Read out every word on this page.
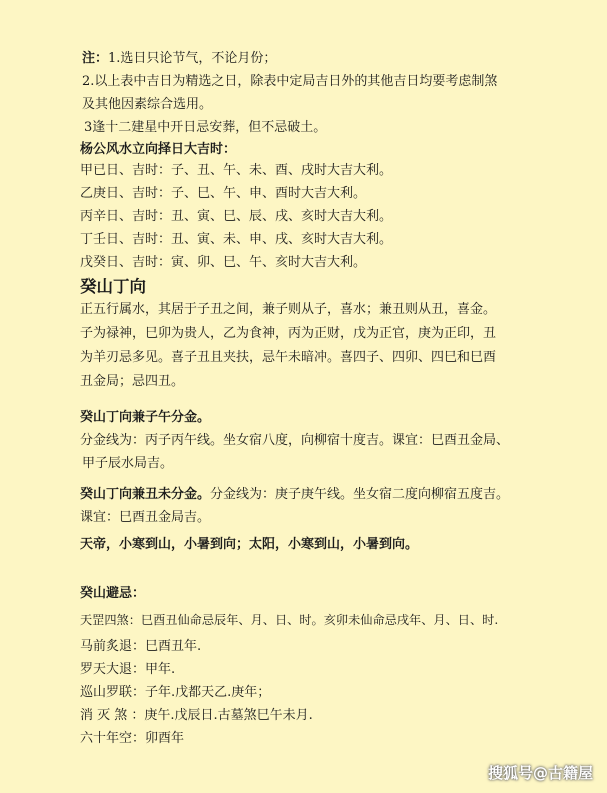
注：1.选日只论节气，不论月份；
2.以上表中吉日为精选之日，除表中定局吉日外的其他吉日均要考虑制煞
及其他因素综合选用。
3逢十二建星中开日忌安葬，但不忌破土。
杨公风水立向择日大吉时：
甲已日、吉时：子、丑、午、未、酉、戌时大吉大利。
乙庚日、吉时：子、巳、午、申、酉时大吉大利。
丙辛日、吉时：丑、寅、巳、辰、戌、亥时大吉大利。
丁壬日、吉时：丑、寅、未、申、戌、亥时大吉大利。
戊癸日、吉时：寅、卯、巳、午、亥时大吉大利。
癸山丁向
正五行属水，其居于子丑之间，兼子则从子，喜水；兼丑则从丑，喜金。
子为禄神，巳卯为贵人，乙为食神，丙为正财，戊为正官，庚为正印，丑
为羊刃忌多见。喜子丑且夹扶，忌午未暗冲。喜四子、四卯、四巳和巳酉
丑金局；忌四丑。
癸山丁向兼子午分金。
分金线为：丙子丙午线。坐女宿八度，向柳宿十度吉。课宜：巳酉丑金局、
甲子辰水局吉。
癸山丁向兼丑未分金。分金线为：庚子庚午线。坐女宿二度向柳宿五度吉。
课宜：巳酉丑金局吉。
天帝，小寒到山，小暑到向；太阳，小寒到山，小暑到向。
癸山避忌：
天罡四煞：巳酉丑仙命忌辰年、月、日、时。亥卯未仙命忌戌年、月、日、时.
马前炙退：巳酉丑年.
罗天大退：甲年.
巡山罗联：子年.戊都天乙.庚年；
消 灭 煞 ：庚午.戊辰日.古墓煞巳午未月.
六十年空：卯酉年
搜狐号@古籍屋
